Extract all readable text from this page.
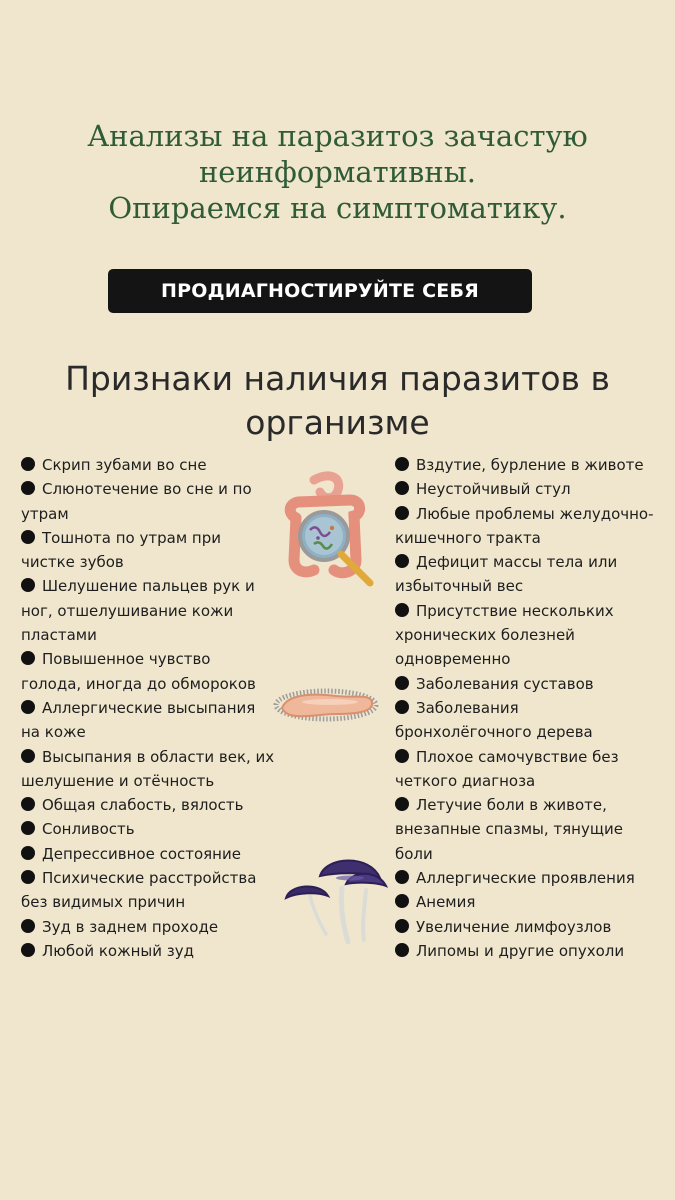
Анализы на паразитоз зачастую
неинформативны.
Опираемся на симптоматику.
ПРОДИАГНОСТИРУЙТЕ СЕБЯ
Признаки наличия паразитов в
организме
Скрип зубами во сне
Слюнотечение во сне и по
утрам
Тошнота по утрам при
чистке зубов
Шелушение пальцев рук и
ног, отшелушивание кожи
пластами
Повышенное чувство
голода, иногда до обмороков
Аллергические высыпания
на коже
Высыпания в области век, их
шелушение и отёчность
Общая слабость, вялость
Сонливость
Депрессивное состояние
Психические расстройства
без видимых причин
Зуд в заднем проходе
Любой кожный зуд
Вздутие, бурление в животе
Неустойчивый стул
Любые проблемы желудочно-
кишечного тракта
Дефицит массы тела или
избыточный вес
Присутствие нескольких
хронических болезней
одновременно
Заболевания суставов
Заболевания
бронхолёгочного дерева
Плохое самочувствие без
четкого диагноза
Летучие боли в животе,
внезапные спазмы, тянущие
боли
Аллергические проявления
Анемия
Увеличение лимфоузлов
Липомы и другие опухоли
